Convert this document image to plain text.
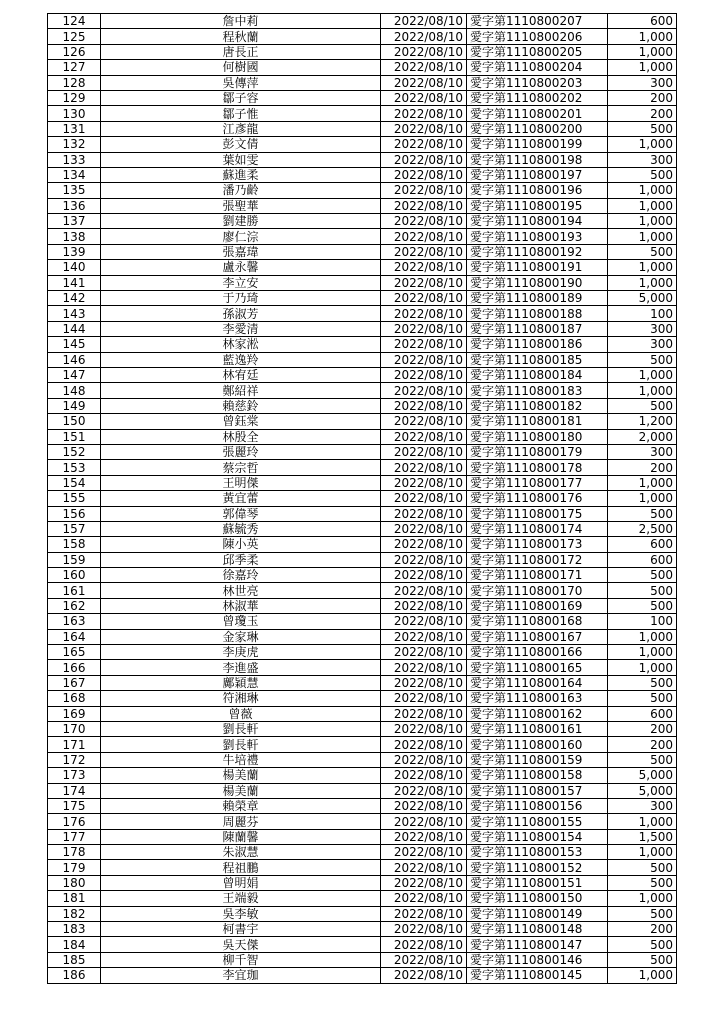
124	詹中莉	2022/08/10	愛字第1110800207	600
125	程秋蘭	2022/08/10	愛字第1110800206	1,000
126	唐長正	2022/08/10	愛字第1110800205	1,000
127	何樹國	2022/08/10	愛字第1110800204	1,000
128	吳傳萍	2022/08/10	愛字第1110800203	300
129	鄒子容	2022/08/10	愛字第1110800202	200
130	鄒子惟	2022/08/10	愛字第1110800201	200
131	江彥龍	2022/08/10	愛字第1110800200	500
132	彭文倩	2022/08/10	愛字第1110800199	1,000
133	葉如雯	2022/08/10	愛字第1110800198	300
134	蘇進柔	2022/08/10	愛字第1110800197	500
135	潘乃齡	2022/08/10	愛字第1110800196	1,000
136	張聖華	2022/08/10	愛字第1110800195	1,000
137	劉建勝	2022/08/10	愛字第1110800194	1,000
138	廖仁淙	2022/08/10	愛字第1110800193	1,000
139	張嘉瑋	2022/08/10	愛字第1110800192	500
140	盧永馨	2022/08/10	愛字第1110800191	1,000
141	李立安	2022/08/10	愛字第1110800190	1,000
142	于乃琦	2022/08/10	愛字第1110800189	5,000
143	孫淑芳	2022/08/10	愛字第1110800188	100
144	李愛清	2022/08/10	愛字第1110800187	300
145	林家淞	2022/08/10	愛字第1110800186	300
146	藍逸羚	2022/08/10	愛字第1110800185	500
147	林宥廷	2022/08/10	愛字第1110800184	1,000
148	鄭紹祥	2022/08/10	愛字第1110800183	1,000
149	賴慈鈴	2022/08/10	愛字第1110800182	500
150	曾鈺棠	2022/08/10	愛字第1110800181	1,200
151	林殷全	2022/08/10	愛字第1110800180	2,000
152	張麗玲	2022/08/10	愛字第1110800179	300
153	蔡宗哲	2022/08/10	愛字第1110800178	200
154	王明傑	2022/08/10	愛字第1110800177	1,000
155	黃宜蕾	2022/08/10	愛字第1110800176	1,000
156	郭偉琴	2022/08/10	愛字第1110800175	500
157	蘇毓秀	2022/08/10	愛字第1110800174	2,500
158	陳小英	2022/08/10	愛字第1110800173	600
159	邱季柔	2022/08/10	愛字第1110800172	600
160	徐嘉玲	2022/08/10	愛字第1110800171	500
161	林世亮	2022/08/10	愛字第1110800170	500
162	林淑華	2022/08/10	愛字第1110800169	500
163	曾瓊玉	2022/08/10	愛字第1110800168	100
164	金家琳	2022/08/10	愛字第1110800167	1,000
165	李庚虎	2022/08/10	愛字第1110800166	1,000
166	李進盛	2022/08/10	愛字第1110800165	1,000
167	鄺穎慧	2022/08/10	愛字第1110800164	500
168	符湘琳	2022/08/10	愛字第1110800163	500
169	曾薇	2022/08/10	愛字第1110800162	600
170	劉長軒	2022/08/10	愛字第1110800161	200
171	劉長軒	2022/08/10	愛字第1110800160	200
172	牛培禮	2022/08/10	愛字第1110800159	500
173	楊美蘭	2022/08/10	愛字第1110800158	5,000
174	楊美蘭	2022/08/10	愛字第1110800157	5,000
175	賴榮章	2022/08/10	愛字第1110800156	300
176	周麗芬	2022/08/10	愛字第1110800155	1,000
177	陳蘭馨	2022/08/10	愛字第1110800154	1,500
178	朱淑慧	2022/08/10	愛字第1110800153	1,000
179	程祖鵬	2022/08/10	愛字第1110800152	500
180	曾明娟	2022/08/10	愛字第1110800151	500
181	王端毅	2022/08/10	愛字第1110800150	1,000
182	吳李敏	2022/08/10	愛字第1110800149	500
183	柯書宇	2022/08/10	愛字第1110800148	200
184	吳天傑	2022/08/10	愛字第1110800147	500
185	柳千智	2022/08/10	愛字第1110800146	500
186	李宜珈	2022/08/10	愛字第1110800145	1,000
